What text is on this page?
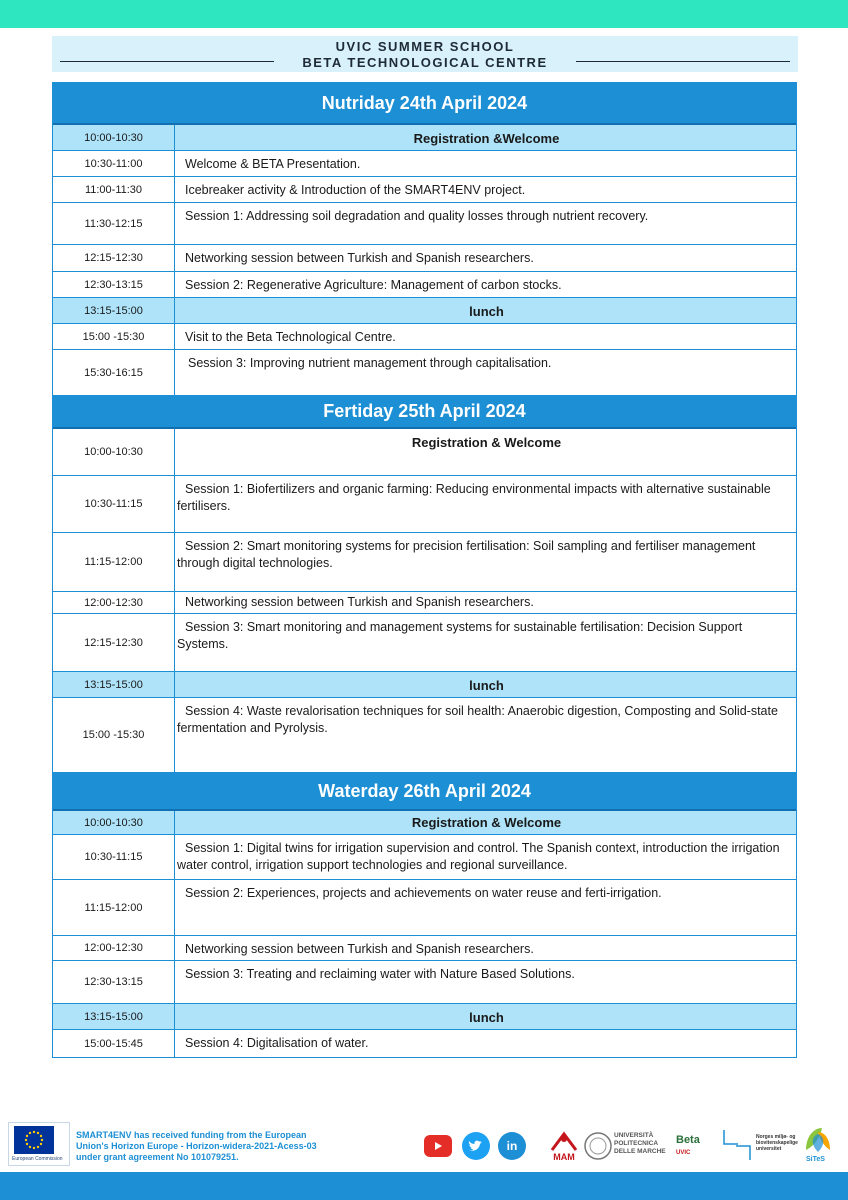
UVIC SUMMER SCHOOL
BETA TECHNOLOGICAL CENTRE
Nutriday 24th April 2024
10:00-10:30	Registration &Welcome
10:30-11:00	Welcome & BETA Presentation.
11:00-11:30	Icebreaker activity & Introduction of the SMART4ENV project.
11:30-12:15
Session 1: Addressing soil degradation and quality losses through nutrient recovery.
12:15-12:30	Networking session between Turkish and Spanish researchers.
12:30-13:15	Session 2: Regenerative Agriculture: Management of carbon stocks.
13:15-15:00	lunch
15:00 -15:30	Visit to the Beta Technological Centre.
15:30-16:15
Session 3: Improving nutrient management through capitalisation.
Fertiday 25th April 2024
10:00-10:30
Registration & Welcome
10:30-11:15
Session 1: Biofertilizers and organic farming: Reducing environmental impacts with alternative sustainable fertilisers.
11:15-12:00
Session 2: Smart monitoring systems for precision fertilisation: Soil sampling and fertiliser management through digital technologies.
12:00-12:30	Networking session between Turkish and Spanish researchers.
12:15-12:30
Session 3: Smart monitoring and management systems for sustainable fertilisation: Decision Support Systems.
13:15-15:00	lunch
15:00 -15:30
Session 4: Waste revalorisation techniques for soil health: Anaerobic digestion, Composting and Solid-state fermentation and Pyrolysis.
Waterday 26th April 2024
10:00-10:30	Registration & Welcome
10:30-11:15
Session 1: Digital twins for irrigation supervision and control. The Spanish context, introduction the irrigation water control, irrigation support technologies and regional surveillance.
11:15-12:00
Session 2: Experiences, projects and achievements on water reuse and ferti-irrigation.
12:00-12:30	Networking session between Turkish and Spanish researchers.
12:30-13:15
Session 3: Treating and reclaiming water with Nature Based Solutions.
13:15-15:00	lunch
15:00-15:45	Session 4: Digitalisation of water.
European Commission
SMART4ENV has received funding from the European Union's Horizon Europe - Horizon-widera-2021-Acess-03 under grant agreement No 101079251.
in
MAM
UNIVERSITÀ POLITECNICA DELLE MARCHE
Beta
UVIC
Norges miljø- og biovitenskapelige universitet
SiTeS
